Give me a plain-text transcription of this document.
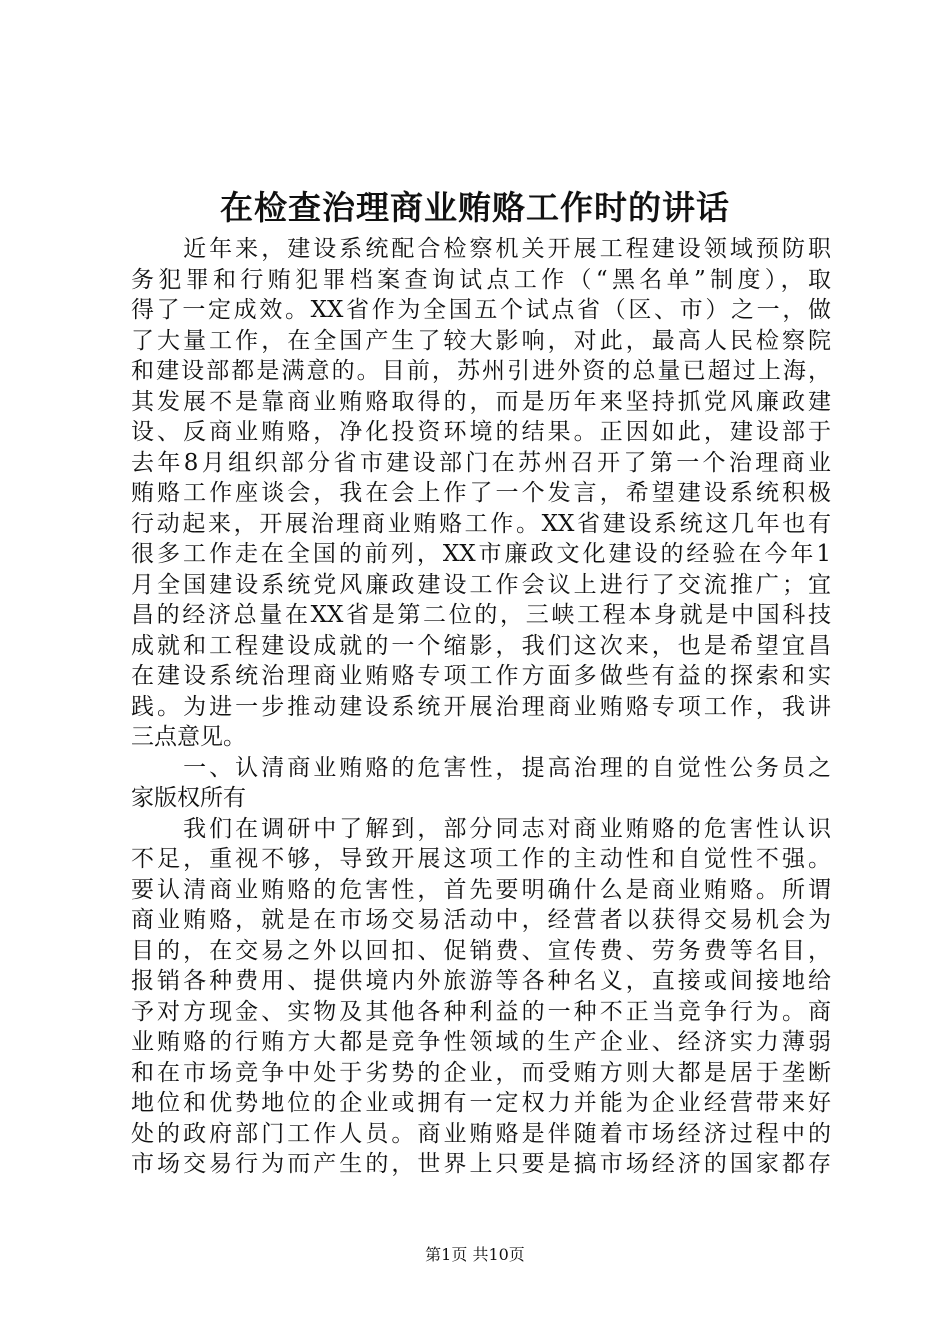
在检查治理商业贿赂工作时的讲话
　　近年来，建设系统配合检察机关开展工程建设领域预防职
务犯罪和行贿犯罪档案查询试点工作（“黑名单”制度），取
得了一定成效。XX省作为全国五个试点省（区、市）之一，做
了大量工作，在全国产生了较大影响，对此，最高人民检察院
和建设部都是满意的。目前，苏州引进外资的总量已超过上海，
其发展不是靠商业贿赂取得的，而是历年来坚持抓党风廉政建
设、反商业贿赂，净化投资环境的结果。正因如此，建设部于
去年8月组织部分省市建设部门在苏州召开了第一个治理商业
贿赂工作座谈会，我在会上作了一个发言，希望建设系统积极
行动起来，开展治理商业贿赂工作。XX省建设系统这几年也有
很多工作走在全国的前列，XX市廉政文化建设的经验在今年1
月全国建设系统党风廉政建设工作会议上进行了交流推广；宜
昌的经济总量在XX省是第二位的，三峡工程本身就是中国科技
成就和工程建设成就的一个缩影，我们这次来，也是希望宜昌
在建设系统治理商业贿赂专项工作方面多做些有益的探索和实
践。为进一步推动建设系统开展治理商业贿赂专项工作，我讲
三点意见。
　　一、认清商业贿赂的危害性，提高治理的自觉性公务员之
家版权所有
　　我们在调研中了解到，部分同志对商业贿赂的危害性认识
不足，重视不够，导致开展这项工作的主动性和自觉性不强。
要认清商业贿赂的危害性，首先要明确什么是商业贿赂。所谓
商业贿赂，就是在市场交易活动中，经营者以获得交易机会为
目的，在交易之外以回扣、促销费、宣传费、劳务费等名目，
报销各种费用、提供境内外旅游等各种名义，直接或间接地给
予对方现金、实物及其他各种利益的一种不正当竞争行为。商
业贿赂的行贿方大都是竞争性领域的生产企业、经济实力薄弱
和在市场竞争中处于劣势的企业，而受贿方则大都是居于垄断
地位和优势地位的企业或拥有一定权力并能为企业经营带来好
处的政府部门工作人员。商业贿赂是伴随着市场经济过程中的
市场交易行为而产生的，世界上只要是搞市场经济的国家都存
第1页 共10页
